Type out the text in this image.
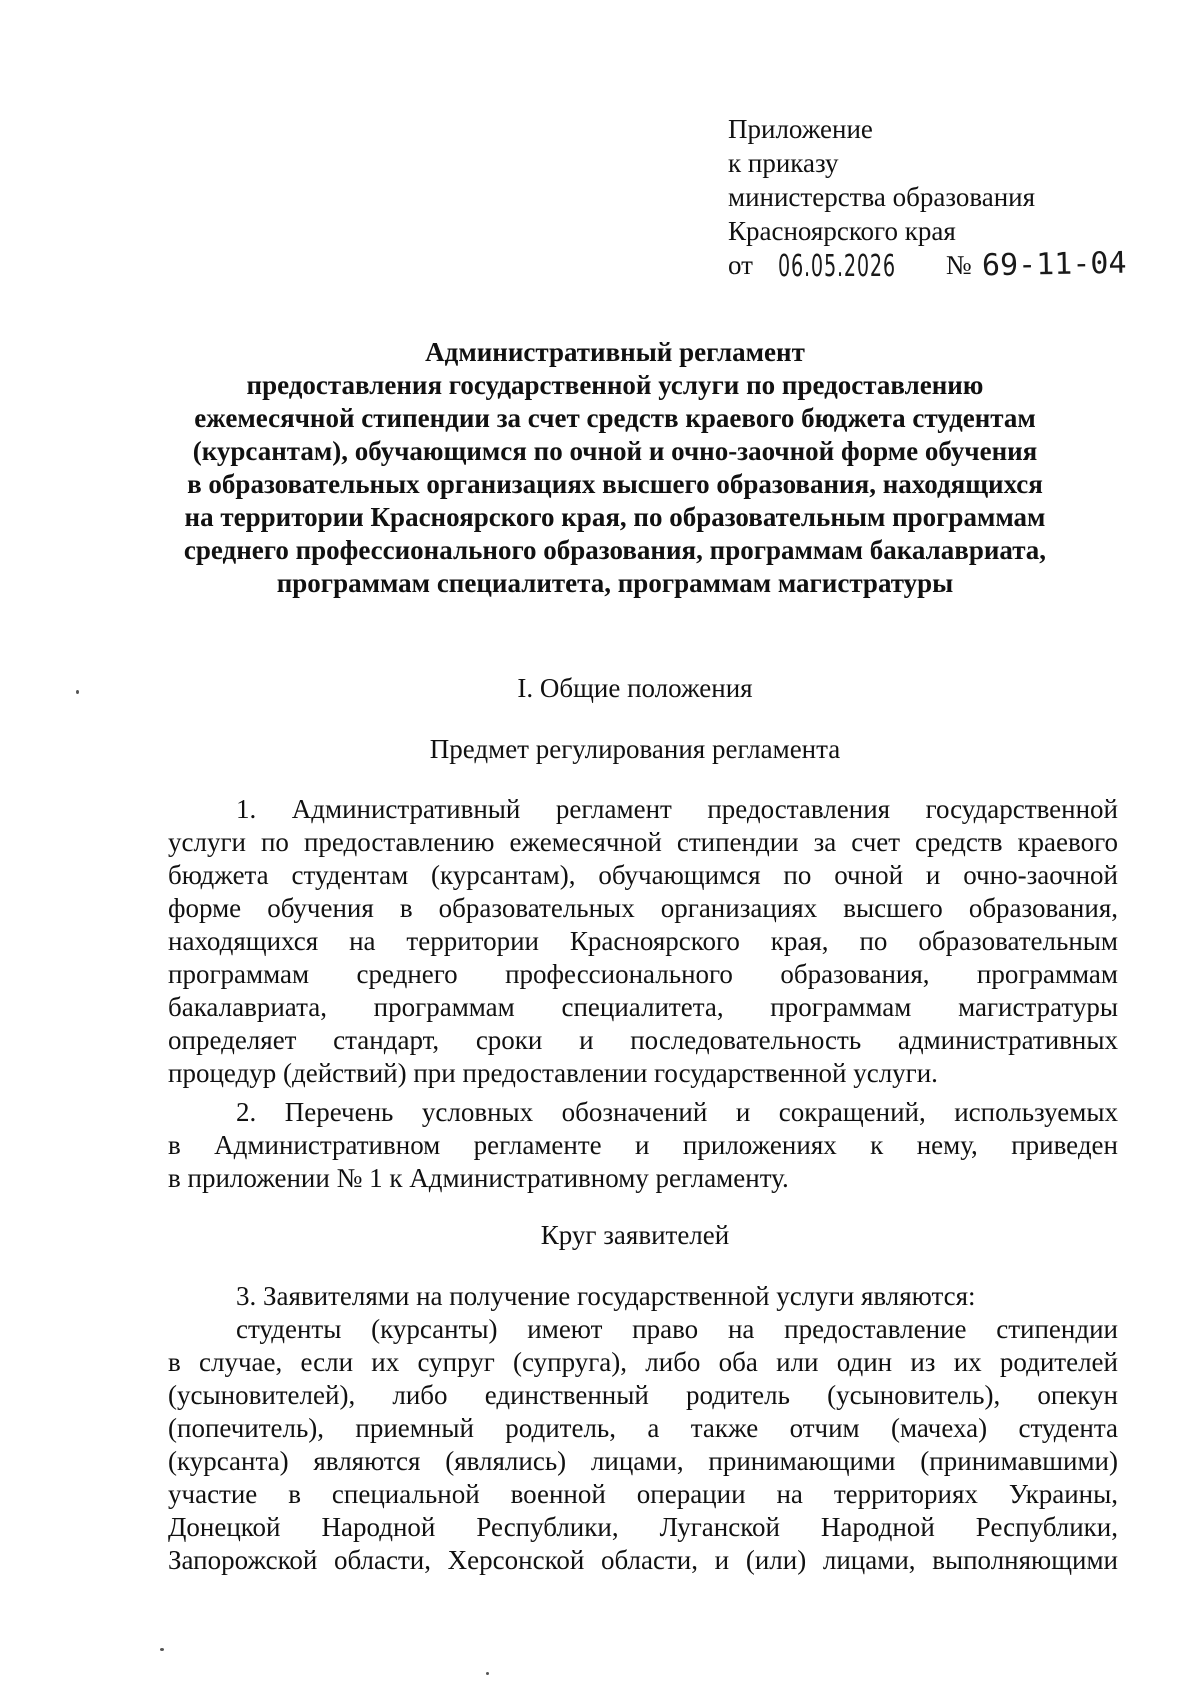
Приложение
к приказу
министерства образования
Красноярского края
от 06.05.2026 № 69-11-04
Административный регламент
предоставления государственной услуги по предоставлению
ежемесячной стипендии за счет средств краевого бюджета студентам
(курсантам), обучающимся по очной и очно-заочной форме обучения
в образовательных организациях высшего образования, находящихся
на территории Красноярского края, по образовательным программам
среднего профессионального образования, программам бакалавриата,
программам специалитета, программам магистратуры
I. Общие положения
Предмет регулирования регламента
1. Административный регламент предоставления государственной
услуги по предоставлению ежемесячной стипендии за счет средств краевого
бюджета студентам (курсантам), обучающимся по очной и очно-заочной
форме обучения в образовательных организациях высшего образования,
находящихся на территории Красноярского края, по образовательным
программам среднего профессионального образования, программам
бакалавриата, программам специалитета, программам магистратуры
определяет стандарт, сроки и последовательность административных
процедур (действий) при предоставлении государственной услуги.
2. Перечень условных обозначений и сокращений, используемых
в Административном регламенте и приложениях к нему, приведен
в приложении № 1 к Административному регламенту.
Круг заявителей
3. Заявителями на получение государственной услуги являются:
студенты (курсанты) имеют право на предоставление стипендии
в случае, если их супруг (супруга), либо оба или один из их родителей
(усыновителей), либо единственный родитель (усыновитель), опекун
(попечитель), приемный родитель, а также отчим (мачеха) студента
(курсанта) являются (являлись) лицами, принимающими (принимавшими)
участие в специальной военной операции на территориях Украины,
Донецкой Народной Республики, Луганской Народной Республики,
Запорожской области, Херсонской области, и (или) лицами, выполняющими
